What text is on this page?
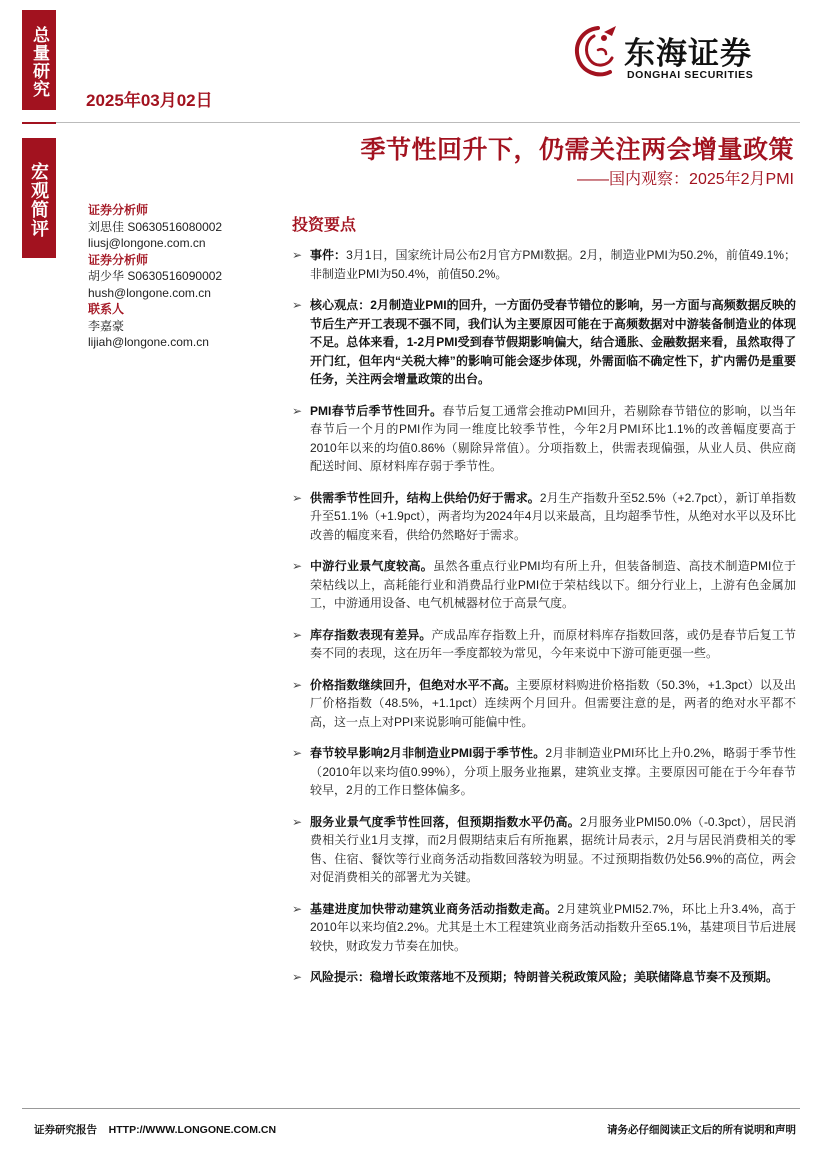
总量研究
宏观简评
2025年03月02日
东海证券
DONGHAI SECURITIES
季节性回升下，仍需关注两会增量政策
——国内观察：2025年2月PMI
证券分析师
刘思佳 S0630516080002
liusj@longone.com.cn
证券分析师
胡少华 S0630516090002
hush@longone.com.cn
联系人
李嘉豪
lijiah@longone.com.cn
投资要点
➢ 事件：3月1日，国家统计局公布2月官方PMI数据。2月，制造业PMI为50.2%，前值49.1%；非制造业PMI为50.4%，前值50.2%。
➢ 核心观点：2月制造业PMI的回升，一方面仍受春节错位的影响，另一方面与高频数据反映的节后生产开工表现不强不同，我们认为主要原因可能在于高频数据对中游装备制造业的体现不足。总体来看，1-2月PMI受到春节假期影响偏大，结合通胀、金融数据来看，虽然取得了开门红，但年内“关税大棒”的影响可能会逐步体现，外需面临不确定性下，扩内需仍是重要任务，关注两会增量政策的出台。
➢ PMI春节后季节性回升。春节后复工通常会推动PMI回升，若剔除春节错位的影响，以当年春节后一个月的PMI作为同一维度比较季节性，今年2月PMI环比1.1%的改善幅度要高于2010年以来的均值0.86%（剔除异常值）。分项指数上，供需表现偏强，从业人员、供应商配送时间、原材料库存弱于季节性。
➢ 供需季节性回升，结构上供给仍好于需求。2月生产指数升至52.5%（+2.7pct），新订单指数升至51.1%（+1.9pct），两者均为2024年4月以来最高，且均超季节性，从绝对水平以及环比改善的幅度来看，供给仍然略好于需求。
➢ 中游行业景气度较高。虽然各重点行业PMI均有所上升，但装备制造、高技术制造PMI位于荣枯线以上，高耗能行业和消费品行业PMI位于荣枯线以下。细分行业上，上游有色金属加工，中游通用设备、电气机械器材位于高景气度。
➢ 库存指数表现有差异。产成品库存指数上升，而原材料库存指数回落，或仍是春节后复工节奏不同的表现，这在历年一季度都较为常见，今年来说中下游可能更强一些。
➢ 价格指数继续回升，但绝对水平不高。主要原材料购进价格指数（50.3%，+1.3pct）以及出厂价格指数（48.5%，+1.1pct）连续两个月回升。但需要注意的是，两者的绝对水平都不高，这一点上对PPI来说影响可能偏中性。
➢ 春节较早影响2月非制造业PMI弱于季节性。2月非制造业PMI环比上升0.2%，略弱于季节性（2010年以来均值0.99%），分项上服务业拖累，建筑业支撑。主要原因可能在于今年春节较早，2月的工作日整体偏多。
➢ 服务业景气度季节性回落，但预期指数水平仍高。2月服务业PMI50.0%（-0.3pct），居民消费相关行业1月支撑，而2月假期结束后有所拖累，据统计局表示，2月与居民消费相关的零售、住宿、餐饮等行业商务活动指数回落较为明显。不过预期指数仍处56.9%的高位，两会对促消费相关的部署尤为关键。
➢ 基建进度加快带动建筑业商务活动指数走高。2月建筑业PMI52.7%，环比上升3.4%，高于2010年以来均值2.2%。尤其是土木工程建筑业商务活动指数升至65.1%，基建项目节后进展较快，财政发力节奏在加快。
➢ 风险提示：稳增长政策落地不及预期；特朗普关税政策风险；美联储降息节奏不及预期。
证券研究报告    HTTP://WWW.LONGONE.COM.CN	请务必仔细阅读正文后的所有说明和声明
